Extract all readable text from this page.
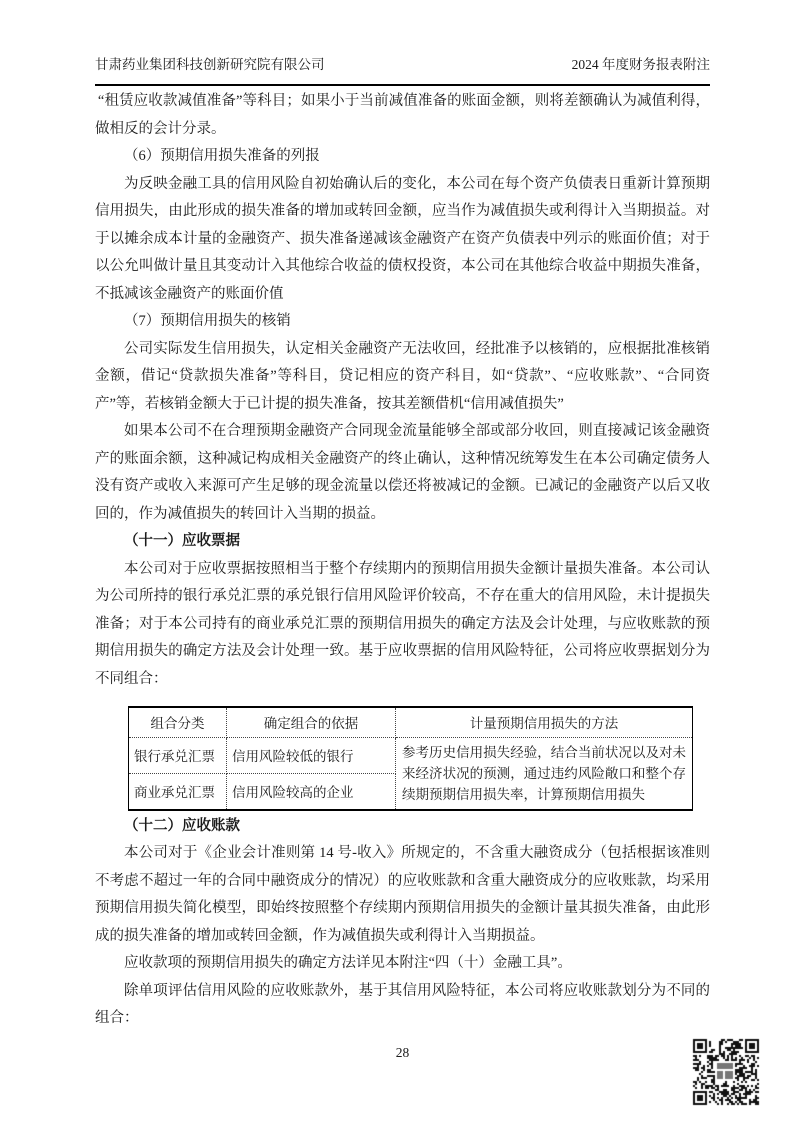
甘肃药业集团科技创新研究院有限公司	2024 年度财务报表附注

“租赁应收款减值准备”等科目；如果小于当前减值准备的账面金额，则将差额确认为减值利得，做相反的会计分录。

（6）预期信用损失准备的列报

为反映金融工具的信用风险自初始确认后的变化，本公司在每个资产负债表日重新计算预期信用损失，由此形成的损失准备的增加或转回金额，应当作为减值损失或利得计入当期损益。对于以摊余成本计量的金融资产、损失准备递减该金融资产在资产负债表中列示的账面价值；对于以公允叫做计量且其变动计入其他综合收益的债权投资，本公司在其他综合收益中期损失准备，不抵减该金融资产的账面价值

（7）预期信用损失的核销

公司实际发生信用损失，认定相关金融资产无法收回，经批准予以核销的，应根据批准核销金额，借记“贷款损失准备”等科目，贷记相应的资产科目，如“贷款”、“应收账款”、“合同资产”等，若核销金额大于已计提的损失准备，按其差额借机“信用减值损失”

如果本公司不在合理预期金融资产合同现金流量能够全部或部分收回，则直接减记该金融资产的账面余额，这种减记构成相关金融资产的终止确认，这种情况统筹发生在本公司确定债务人没有资产或收入来源可产生足够的现金流量以偿还将被减记的金额。已减记的金融资产以后又收回的，作为减值损失的转回计入当期的损益。

（十一）应收票据

本公司对于应收票据按照相当于整个存续期内的预期信用损失金额计量损失准备。本公司认为公司所持的银行承兑汇票的承兑银行信用风险评价较高，不存在重大的信用风险，未计提损失准备；对于本公司持有的商业承兑汇票的预期信用损失的确定方法及会计处理，与应收账款的预期信用损失的确定方法及会计处理一致。基于应收票据的信用风险特征，公司将应收票据划分为不同组合：

组合分类	确定组合的依据	计量预期信用损失的方法
银行承兑汇票	信用风险较低的银行	参考历史信用损失经验，结合当前状况以及对未来经济状况的预测，通过违约风险敞口和整个存续期预期信用损失率，计算预期信用损失
商业承兑汇票	信用风险较高的企业	

（十二）应收账款

本公司对于《企业会计准则第 14 号-收入》所规定的，不含重大融资成分（包括根据该准则不考虑不超过一年的合同中融资成分的情况）的应收账款和含重大融资成分的应收账款，均采用预期信用损失简化模型，即始终按照整个存续期内预期信用损失的金额计量其损失准备，由此形成的损失准备的增加或转回金额，作为减值损失或利得计入当期损益。

应收款项的预期信用损失的确定方法详见本附注“四（十）金融工具”。

除单项评估信用风险的应收账款外，基于其信用风险特征，本公司将应收账款划分为不同的组合：

28
